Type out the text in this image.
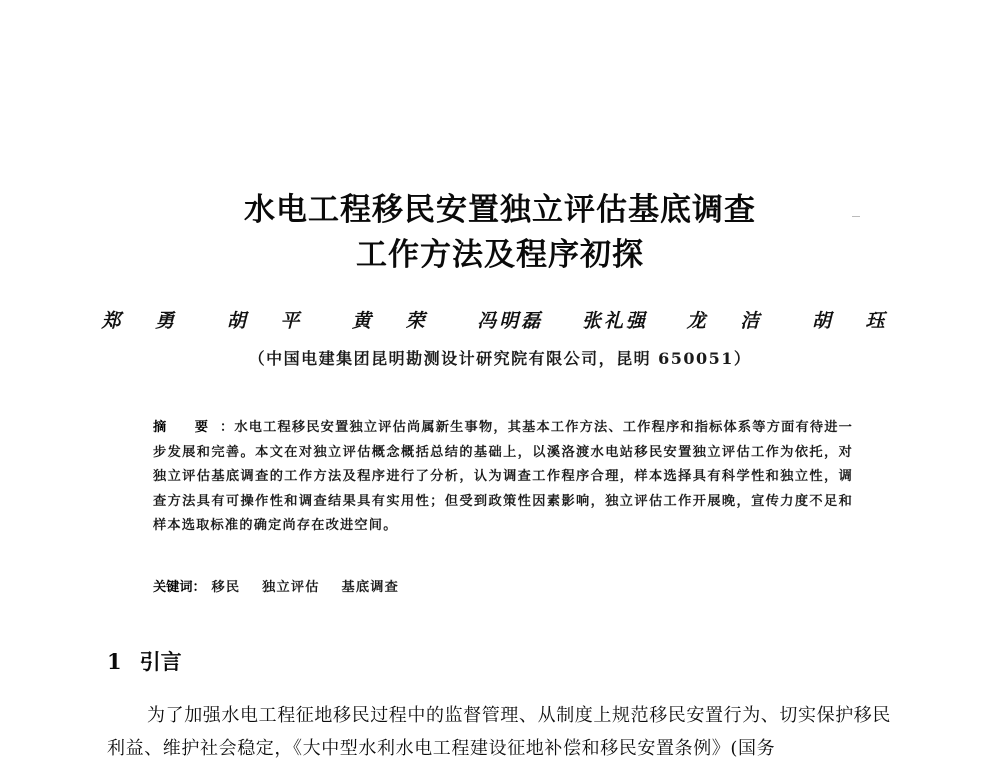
水电工程移民安置独立评估基底调查
工作方法及程序初探
郑 勇 胡 平 黄 荣 冯明磊 张礼强 龙 洁 胡 珏
（中国电建集团昆明勘测设计研究院有限公司，昆明 650051）
摘 要：水电工程移民安置独立评估尚属新生事物，其基本工作方法、工作程序和指标体系等方面有待进一步发展和完善。本文在对独立评估概念概括总结的基础上，以溪洛渡水电站移民安置独立评估工作为依托，对独立评估基底调查的工作方法及程序进行了分析，认为调查工作程序合理，样本选择具有科学性和独立性，调查方法具有可操作性和调查结果具有实用性；但受到政策性因素影响，独立评估工作开展晚，宣传力度不足和样本选取标准的确定尚存在改进空间。
关键词： 移民 独立评估 基底调查
1 引言

为了加强水电工程征地移民过程中的监督管理、从制度上规范移民安置行为、切实保护移民利益、维护社会稳定，《大中型水利水电工程建设征地补偿和移民安置条例》(国务
